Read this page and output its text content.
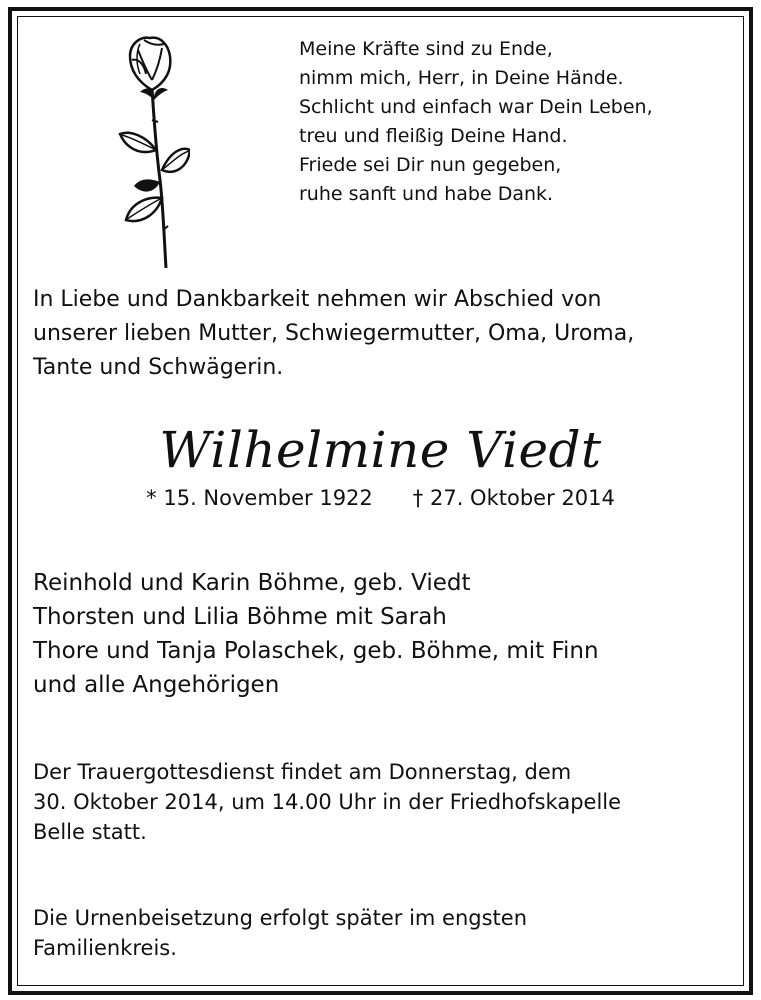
Meine Kräfte sind zu Ende,
nimm mich, Herr, in Deine Hände.
Schlicht und einfach war Dein Leben,
treu und fleißig Deine Hand.
Friede sei Dir nun gegeben,
ruhe sanft und habe Dank.
In Liebe und Dankbarkeit nehmen wir Abschied von
unserer lieben Mutter, Schwiegermutter, Oma, Uroma,
Tante und Schwägerin.
Wilhelmine Viedt
* 15. November 1922 † 27. Oktober 2014
Reinhold und Karin Böhme, geb. Viedt
Thorsten und Lilia Böhme mit Sarah
Thore und Tanja Polaschek, geb. Böhme, mit Finn
und alle Angehörigen
Der Trauergottesdienst findet am Donnerstag, dem
30. Oktober 2014, um 14.00 Uhr in der Friedhofskapelle
Belle statt.
Die Urnenbeisetzung erfolgt später im engsten
Familienkreis.
